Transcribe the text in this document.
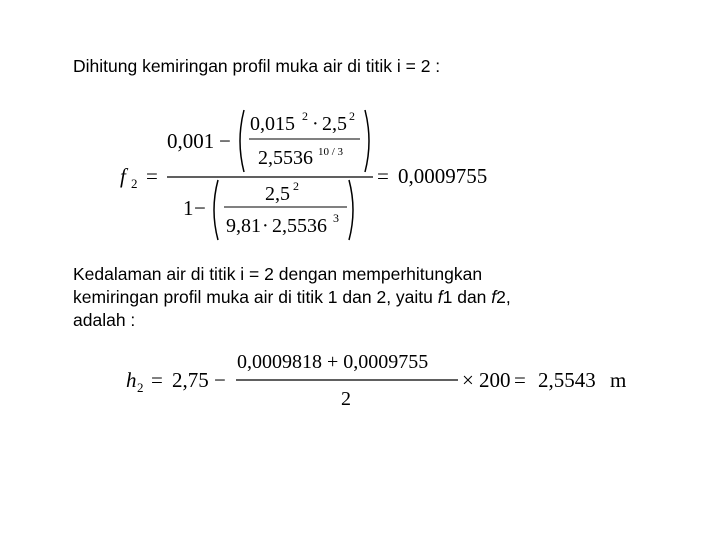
Dihitung kemiringan profil muka air di titik i = 2 :
Kedalaman air di titik i = 2 dengan memperhitungkan
kemiringan profil muka air di titik 1 dan 2, yaitu f1 dan f2,
adalah :
f 2 =
0,001 −
0,015 2 · 2,5 2
2,5536 10 / 3
1 −
2,5 2
9,81 · 2,5536 3
= 0,0009755
h 2 = 2,75 −
0,0009818 + 0,0009755
2
× 200 = 2,5543 m
